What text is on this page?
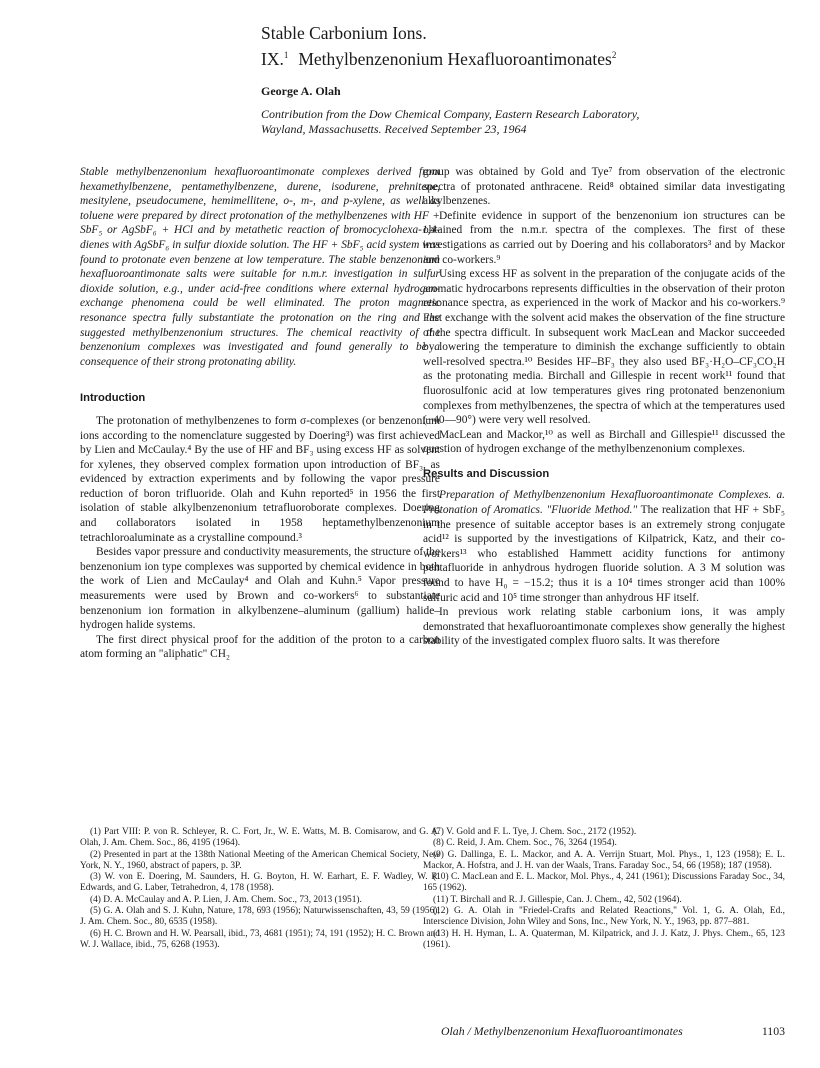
Stable Carbonium Ions.
IX.$^1$ Methylbenzenonium Hexafluoroantimonates$^2$
George A. Olah
Contribution from the Dow Chemical Company, Eastern Research Laboratory,
Wayland, Massachusetts. Received September 23, 1964

Stable methylbenzenonium hexafluoroantimonate complexes derived from hexamethylbenzene, pentamethylbenzene, durene, isodurene, prehnitene, mesitylene, pseudocumene, hemimellitene, o-, m-, and p-xylene, as well as toluene were prepared by direct protonation of the methylbenzenes with HF + SbF₅ or AgSbF₆ + HCl and by metathetic reaction of bromocyclohexa-1,4-dienes with AgSbF₆ in sulfur dioxide solution. The HF + SbF₅ acid system was found to protonate even benzene at low temperature. The stable benzenonium hexafluoroantimonate salts were suitable for n.m.r. investigation in sulfur dioxide solution, e.g., under acid-free conditions where external hydrogen-exchange phenomena could be well eliminated. The proton magnetic resonance spectra fully substantiate the protonation on the ring and the suggested methylbenzenonium structures. The chemical reactivity of the benzenonium complexes was investigated and found generally to be a consequence of their strong protonating ability.

Introduction

The protonation of methylbenzenes to form σ-complexes (or benzenonium ions according to the nomenclature suggested by Doering³) was first achieved by Lien and McCaulay.⁴ By the use of HF and BF₃ using excess HF as solvent for xylenes, they observed complex formation upon introduction of BF₃, as evidenced by extraction experiments and by following the vapor pressure reduction of boron trifluoride. Olah and Kuhn reported⁵ in 1956 the first isolation of stable alkylbenzenonium tetrafluoroborate complexes. Doering and collaborators isolated in 1958 heptamethylbenzenonium tetrachloroaluminate as a crystalline compound.³

Besides vapor pressure and conductivity measurements, the structure of the benzenonium ion type complexes was supported by chemical evidence in both the work of Lien and McCaulay⁴ and Olah and Kuhn.⁵ Vapor pressure measurements were used by Brown and co-workers⁶ to substantiate benzenonium ion formation in alkylbenzene–aluminum (gallium) halide–hydrogen halide systems.

The first direct physical proof for the addition of the proton to a carbon atom forming an "aliphatic" CH₂

group was obtained by Gold and Tye⁷ from observation of the electronic spectra of protonated anthracene. Reid⁸ obtained similar data investigating alkylbenzenes.

Definite evidence in support of the benzenonium ion structures can be obtained from the n.m.r. spectra of the complexes. The first of these investigations as carried out by Doering and his collaborators³ and by Mackor and co-workers.⁹

Using excess HF as solvent in the preparation of the conjugate acids of the aromatic hydrocarbons represents difficulties in the observation of their proton resonance spectra, as experienced in the work of Mackor and his co-workers.⁹ Fast exchange with the solvent acid makes the observation of the fine structure of the spectra difficult. In subsequent work MacLean and Mackor succeeded by lowering the temperature to diminish the exchange sufficiently to obtain well-resolved spectra.¹⁰ Besides HF–BF₃ they also used BF₃·H₂O–CF₃CO₂H as the protonating media. Birchall and Gillespie in recent work¹¹ found that fluorosulfonic acid at low temperatures gives ring protonated benzenonium complexes from methylbenzenes, the spectra of which at the temperatures used (−40––90°) were very well resolved.

MacLean and Mackor,¹⁰ as well as Birchall and Gillespie¹¹ discussed the question of hydrogen exchange of the methylbenzenonium complexes.

Results and Discussion

Preparation of Methylbenzenonium Hexafluoroantimonate Complexes. a. Protonation of Aromatics. "Fluoride Method." The realization that HF + SbF₅ in the presence of suitable acceptor bases is an extremely strong conjugate acid¹² is supported by the investigations of Kilpatrick, Katz, and their co-workers¹³ who established Hammett acidity functions for antimony pentafluoride in anhydrous hydrogen fluoride solution. A 3 M solution was found to have H₀ = −15.2; thus it is a 10⁴ times stronger acid than 100% sulfuric acid and 10⁵ time stronger than anhydrous HF itself.

In previous work relating stable carbonium ions, it was amply demonstrated that hexafluoroantimonate complexes show generally the highest stability of the investigated complex fluoro salts. It was therefore

(1) Part VIII: P. von R. Schleyer, R. C. Fort, Jr., W. E. Watts, M. B. Comisarow, and G. A. Olah, J. Am. Chem. Soc., 86, 4195 (1964).

(2) Presented in part at the 138th National Meeting of the American Chemical Society, New York, N. Y., 1960, abstract of papers, p. 3P.

(3) W. von E. Doering, M. Saunders, H. G. Boyton, H. W. Earhart, E. F. Wadley, W. R. Edwards, and G. Laber, Tetrahedron, 4, 178 (1958).

(4) D. A. McCaulay and A. P. Lien, J. Am. Chem. Soc., 73, 2013 (1951).

(5) G. A. Olah and S. J. Kuhn, Nature, 178, 693 (1956); Naturwissenschaften, 43, 59 (1956); J. Am. Chem. Soc., 80, 6535 (1958).

(6) H. C. Brown and H. W. Pearsall, ibid., 73, 4681 (1951); 74, 191 (1952); H. C. Brown and W. J. Wallace, ibid., 75, 6268 (1953).

(7) V. Gold and F. L. Tye, J. Chem. Soc., 2172 (1952).

(8) C. Reid, J. Am. Chem. Soc., 76, 3264 (1954).

(9) G. Dallinga, E. L. Mackor, and A. A. Verrijn Stuart, Mol. Phys., 1, 123 (1958); E. L. Mackor, A. Hofstra, and J. H. van der Waals, Trans. Faraday Soc., 54, 66 (1958); 187 (1958).

(10) C. MacLean and E. L. Mackor, Mol. Phys., 4, 241 (1961); Discussions Faraday Soc., 34, 165 (1962).

(11) T. Birchall and R. J. Gillespie, Can. J. Chem., 42, 502 (1964).

(12) G. A. Olah in "Friedel-Crafts and Related Reactions," Vol. 1, G. A. Olah, Ed., Interscience Division, John Wiley and Sons, Inc., New York, N. Y., 1963, pp. 877–881.

(13) H. H. Hyman, L. A. Quaterman, M. Kilpatrick, and J. J. Katz, J. Phys. Chem., 65, 123 (1961).

Olah / Methylbenzenonium Hexafluoroantimonates	1103
